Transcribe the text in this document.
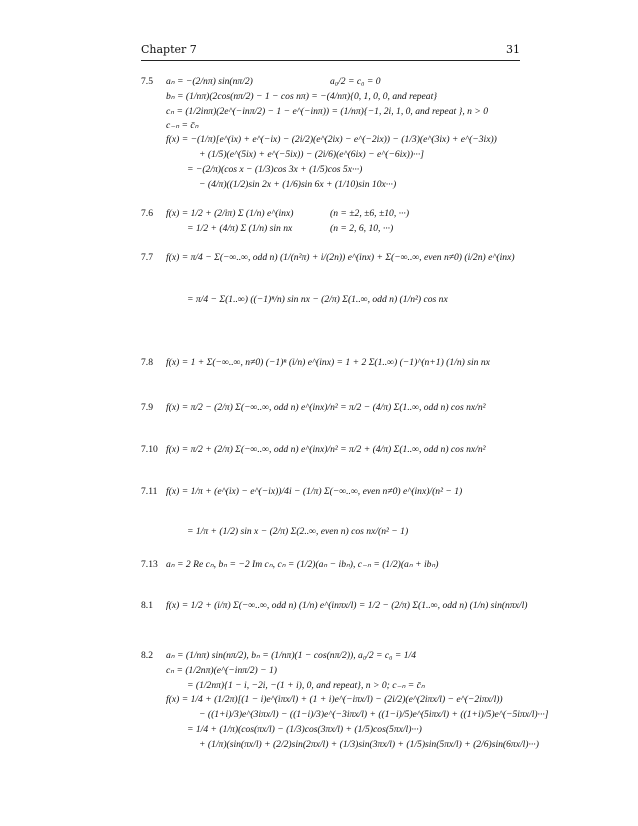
Chapter 7	31
7.5 aₙ = −(2/nπ) sin(nπ/2)	a₀/2 = c₀ = 0
bₙ = (1/nπ)(2cos(nπ/2) − 1 − cos nπ) = −(4/nπ){0, 1, 0, 0, and repeat}
cₙ = (1/2inπ)(2e^(−inπ/2) − 1 − e^(−inπ)) = (1/nπ){−1, 2i, 1, 0, and repeat }, n > 0
c₋ₙ = c̄ₙ
f(x) = −(1/π)[e^(ix) + e^(−ix) − (2i/2)(e^(2ix) − e^(−2ix)) − (1/3)(e^(3ix) + e^(−3ix))
+ (1/5)(e^(5ix) + e^(−5ix)) − (2i/6)(e^(6ix) − e^(−6ix))···]
= −(2/π)(cos x − (1/3)cos 3x + (1/5)cos 5x···)
− (4/π)((1/2)sin 2x + (1/6)sin 6x + (1/10)sin 10x···)
7.6 f(x) = 1/2 + (2/iπ) Σ (1/n) e^(inx)	(n = ±2, ±6, ±10, ···)
= 1/2 + (4/π) Σ (1/n) sin nx	(n = 2, 6, 10, ···)
7.7 f(x) = π/4 − Σ(−∞..∞, odd n) (1/(n²π) + i/(2n)) e^(inx) + Σ(−∞..∞, even n≠0) (i/2n) e^(inx)
= π/4 − Σ(1..∞) ((−1)ⁿ/n) sin nx − (2/π) Σ(1..∞, odd n) (1/n²) cos nx
7.8 f(x) = 1 + Σ(−∞..∞, n≠0) (−1)ⁿ (i/n) e^(inx) = 1 + 2 Σ(1..∞) (−1)^(n+1) (1/n) sin nx
7.9 f(x) = π/2 − (2/π) Σ(−∞..∞, odd n) e^(inx)/n² = π/2 − (4/π) Σ(1..∞, odd n) cos nx/n²
7.10 f(x) = π/2 + (2/π) Σ(−∞..∞, odd n) e^(inx)/n² = π/2 + (4/π) Σ(1..∞, odd n) cos nx/n²
7.11 f(x) = 1/π + (e^(ix) − e^(−ix))/4i − (1/π) Σ(−∞..∞, even n≠0) e^(inx)/(n² − 1)
= 1/π + (1/2) sin x − (2/π) Σ(2..∞, even n) cos nx/(n² − 1)
7.13 aₙ = 2 Re cₙ, bₙ = −2 Im cₙ, cₙ = (1/2)(aₙ − ibₙ), c₋ₙ = (1/2)(aₙ + ibₙ)
8.1 f(x) = 1/2 + (i/π) Σ(−∞..∞, odd n) (1/n) e^(inπx/l) = 1/2 − (2/π) Σ(1..∞, odd n) (1/n) sin(nπx/l)
8.2 aₙ = (1/nπ) sin(nπ/2), bₙ = (1/nπ)(1 − cos(nπ/2)), a₀/2 = c₀ = 1/4
cₙ = (1/2nπ)(e^(−inπ/2) − 1)
= (1/2nπ){1 − i, −2i, −(1 + i), 0, and repeat}, n > 0; c₋ₙ = c̄ₙ
f(x) = 1/4 + (1/2π)[(1 − i)e^(iπx/l) + (1 + i)e^(−iπx/l) − (2i/2)(e^(2iπx/l) − e^(−2iπx/l))
− ((1+i)/3)e^(3iπx/l) − ((1−i)/3)e^(−3iπx/l) + ((1−i)/5)e^(5iπx/l) + ((1+i)/5)e^(−5iπx/l)···]
= 1/4 + (1/π)(cos(πx/l) − (1/3)cos(3πx/l) + (1/5)cos(5πx/l)···)
+ (1/π)(sin(πx/l) + (2/2)sin(2πx/l) + (1/3)sin(3πx/l) + (1/5)sin(5πx/l) + (2/6)sin(6πx/l)···)
